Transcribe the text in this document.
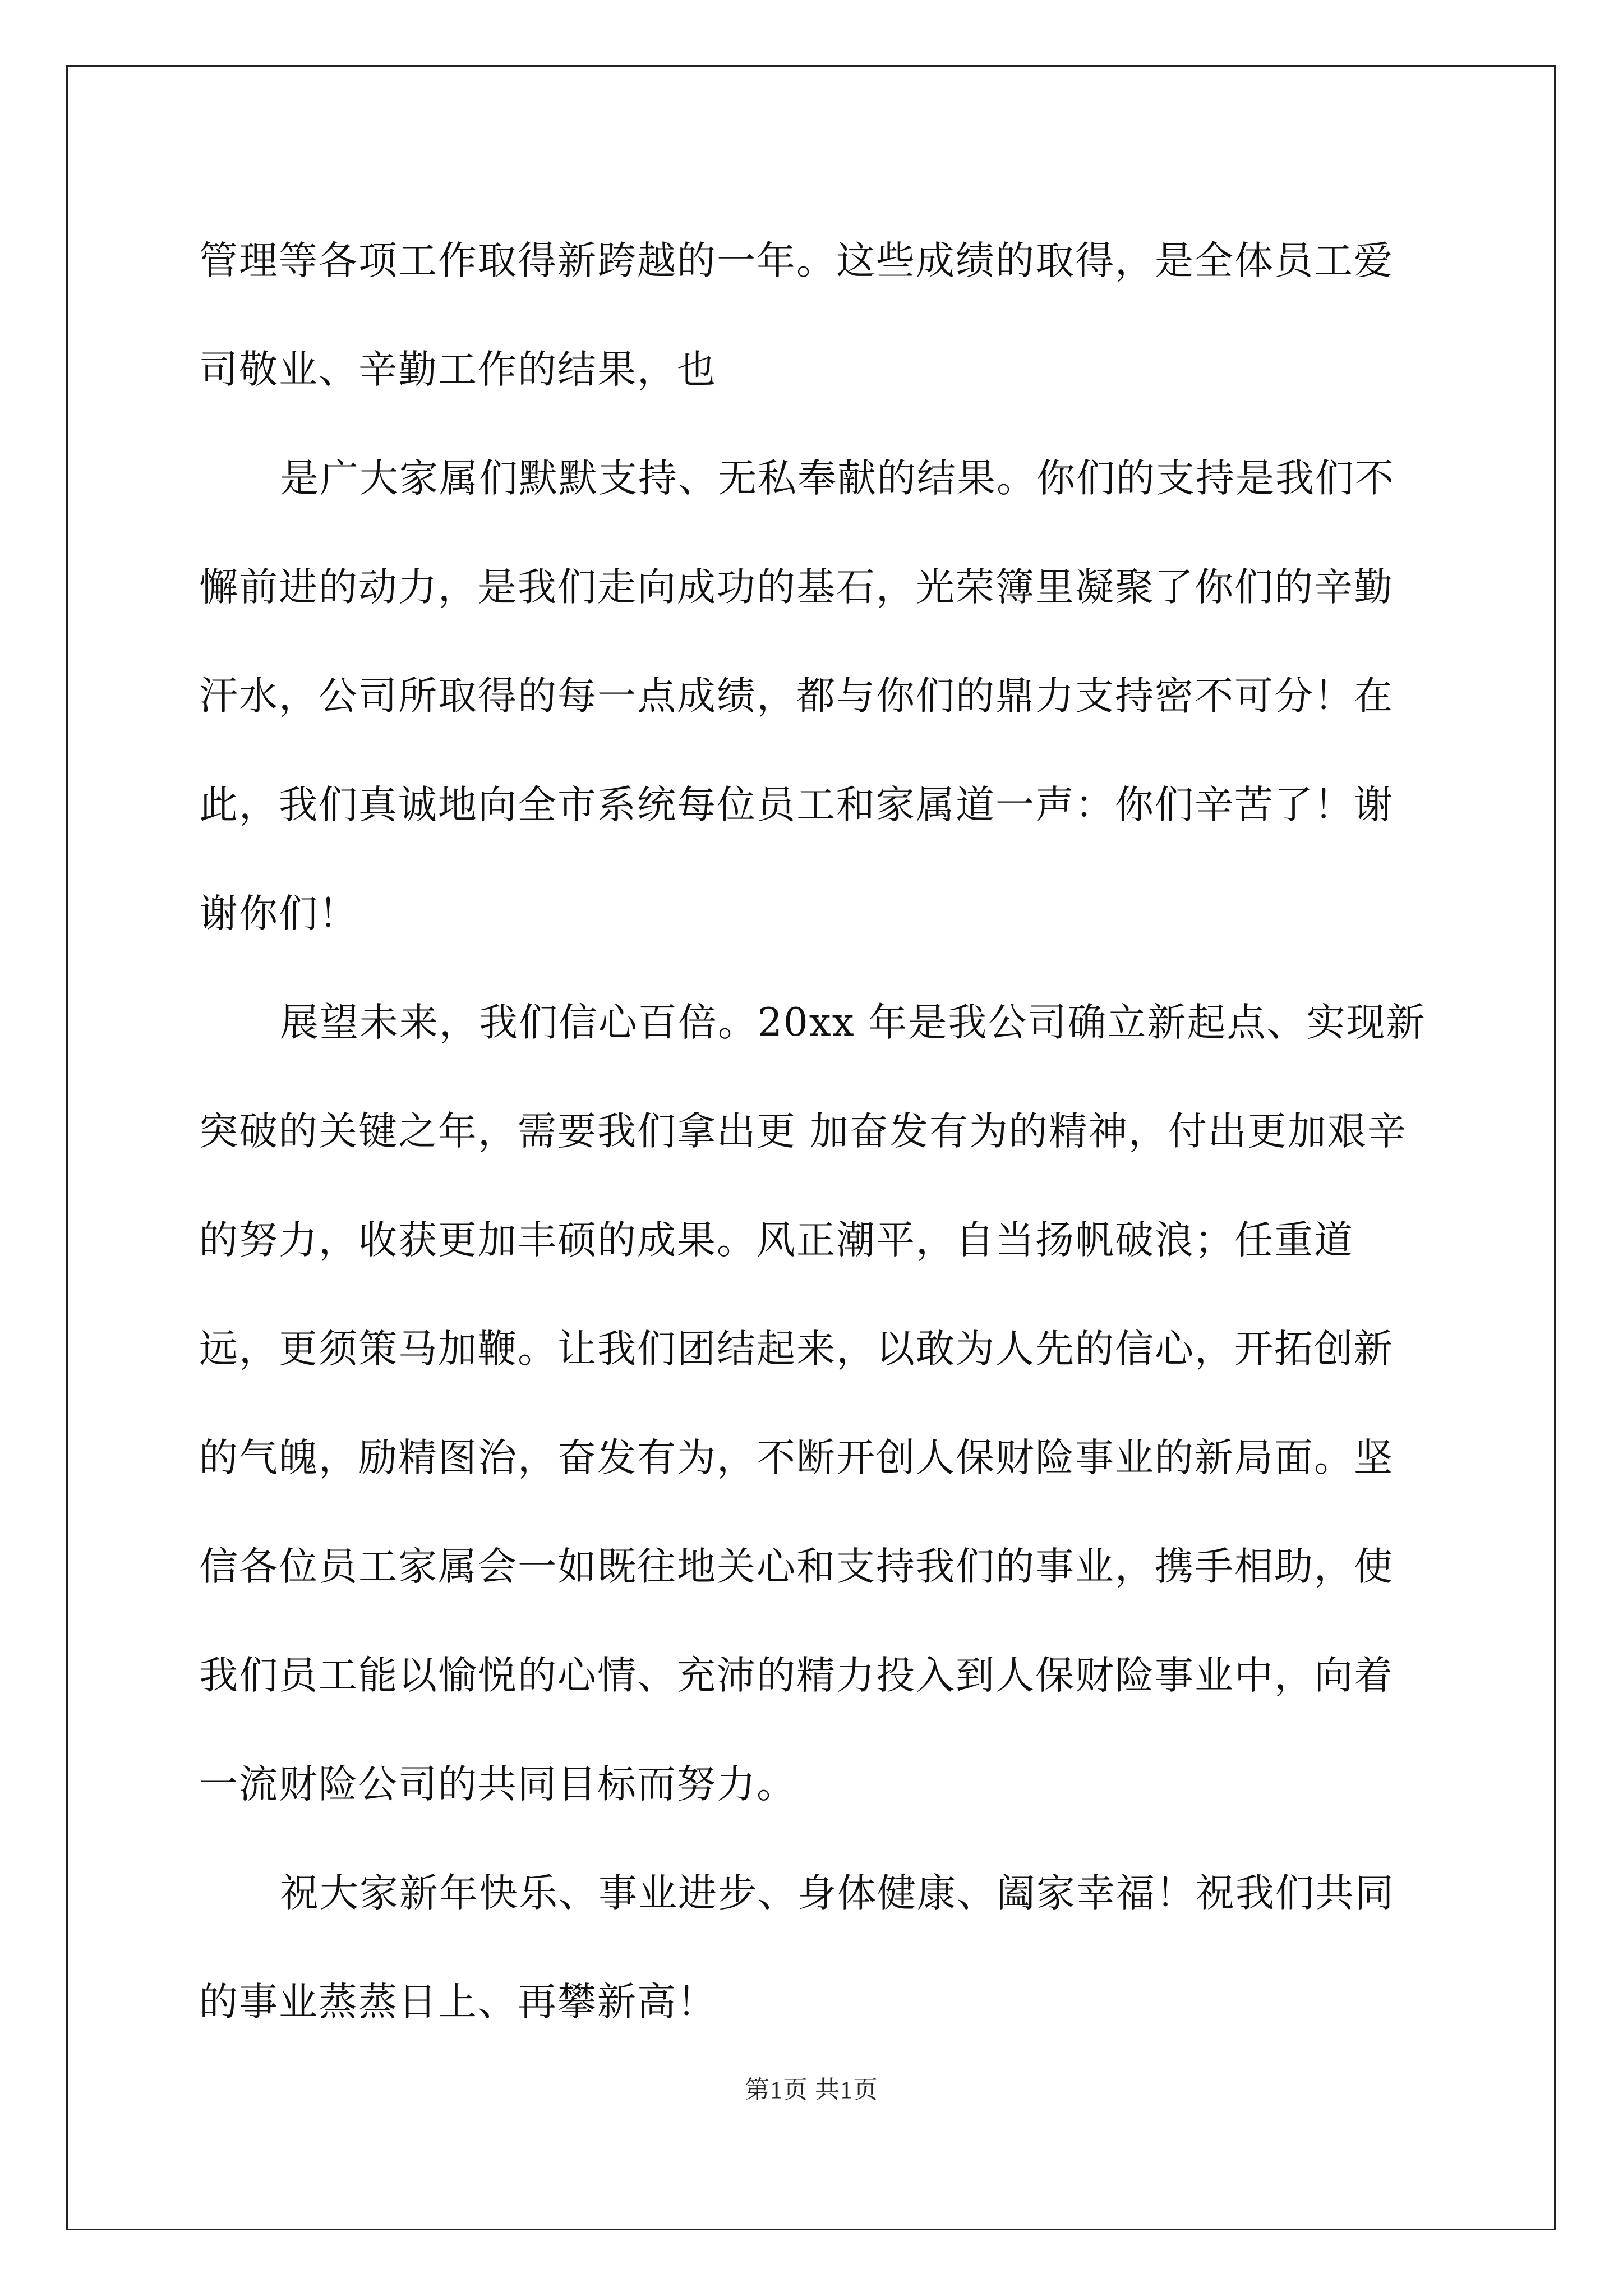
管理等各项工作取得新跨越的一年。这些成绩的取得，是全体员工爱司敬业、辛勤工作的结果，也

是广大家属们默默支持、无私奉献的结果。你们的支持是我们不懈前进的动力，是我们走向成功的基石，光荣簿里凝聚了你们的辛勤汗水，公司所取得的每一点成绩，都与你们的鼎力支持密不可分！在此，我们真诚地向全市系统每位员工和家属道一声：你们辛苦了！谢谢你们！

展望未来，我们信心百倍。20xx 年是我公司确立新起点、实现新突破的关键之年，需要我们拿出更 加奋发有为的精神，付出更加艰辛的努力，收获更加丰硕的成果。风正潮平，自当扬帆破浪；任重道远，更须策马加鞭。让我们团结起来，以敢为人先的信心，开拓创新的气魄，励精图治，奋发有为，不断开创人保财险事业的新局面。坚信各位员工家属会一如既往地关心和支持我们的事业，携手相助，使我们员工能以愉悦的心情、充沛的精力投入到人保财险事业中，向着一流财险公司的共同目标而努力。

祝大家新年快乐、事业进步、身体健康、阖家幸福！祝我们共同的事业蒸蒸日上、再攀新高！

第1页 共1页
